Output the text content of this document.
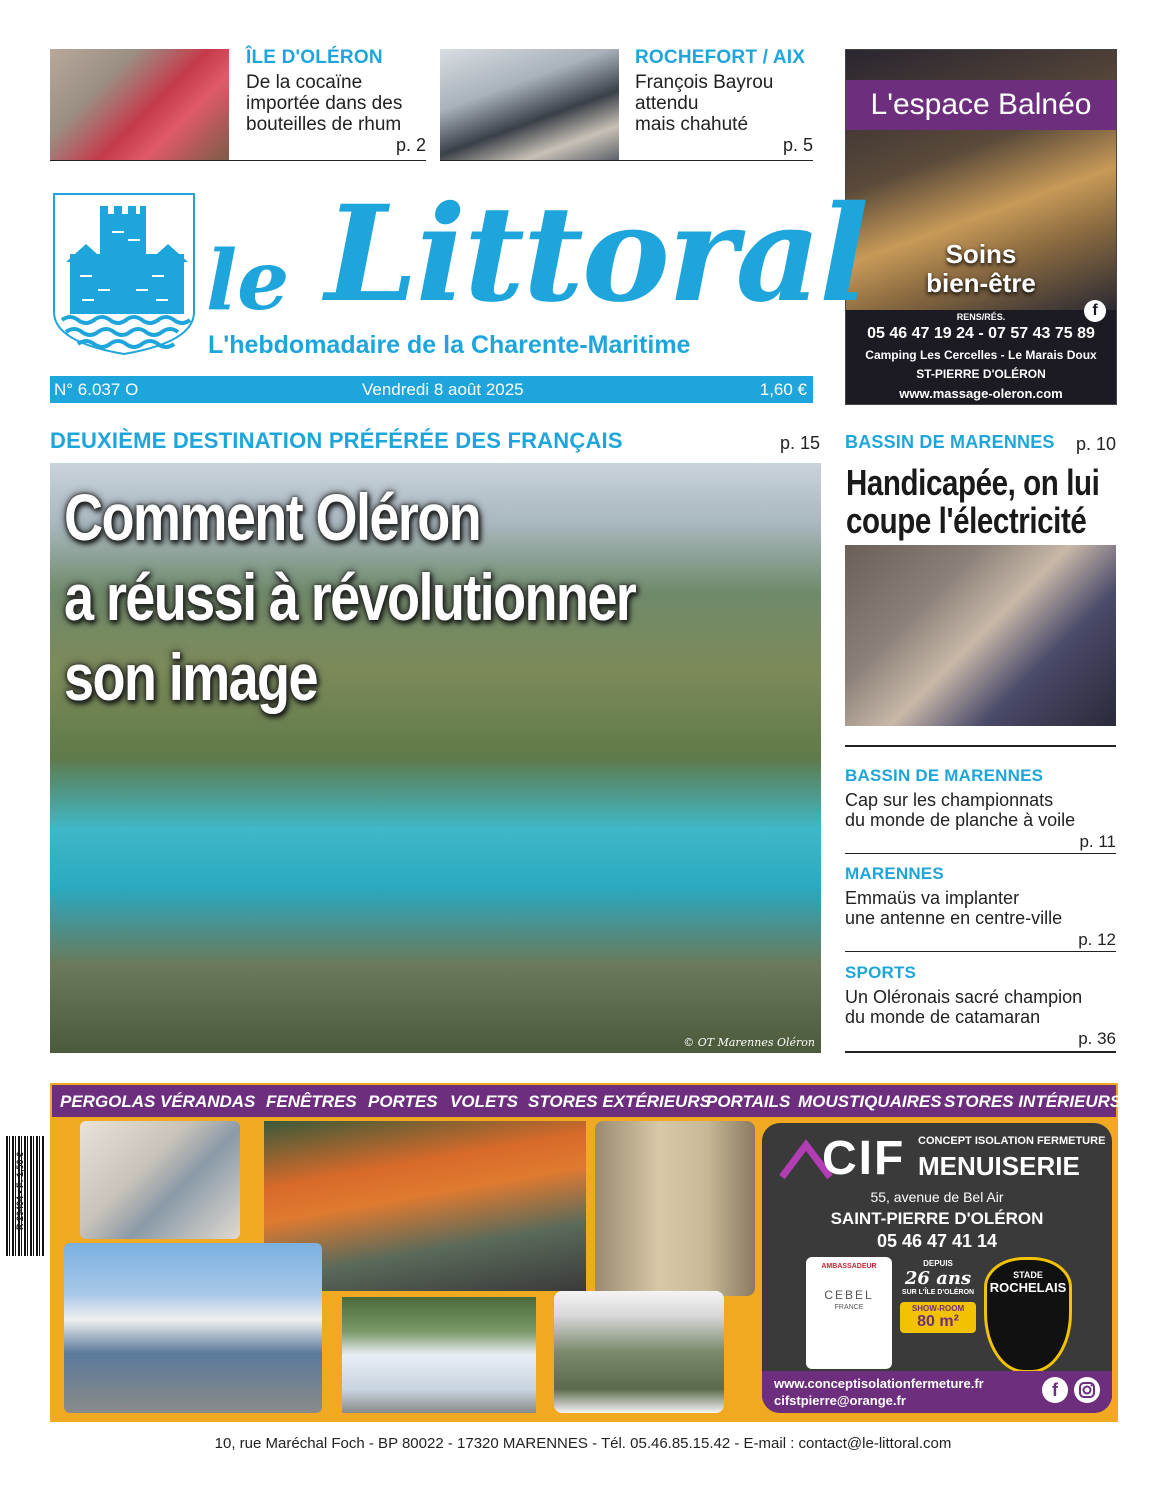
ÎLE D'OLÉRON
De la cocaïne
importée dans des
bouteilles de rhum
p. 2
ROCHEFORT / AIX
François Bayrou
attendu
mais chahuté
p. 5
L'espace Balnéo
Soins
bien-être
f
RENS/RÉS.
05 46 47 19 24 - 07 57 43 75 89
Camping Les Cercelles - Le Marais Doux
ST-PIERRE D'OLÉRON
www.massage-oleron.com
le Littoral
L'hebdomadaire de la Charente-Maritime
N° 6.037 O	Vendredi 8 août 2025	1,60 €
DEUXIÈME DESTINATION PRÉFÉRÉE DES FRANÇAIS	p. 15
Comment Oléron
a réussi à révolutionner
son image
© OT Marennes Oléron
BASSIN DE MARENNES	p. 10
Handicapée, on lui
coupe l'électricité
BASSIN DE MARENNES
Cap sur les championnats
du monde de planche à voile
p. 11
MARENNES
Emmaüs va implanter
une antenne en centre-ville
p. 12
SPORTS
Un Oléronais sacré champion
du monde de catamaran
p. 36
R 29404 - F: 1,50 €
PERGOLAS VÉRANDAS FENÊTRES PORTES VOLETS STORES EXTÉRIEURS
PORTAILS MOUSTIQUAIRES STORES INTÉRIEURS
CIF CONCEPT ISOLATION FERMETURE
MENUISERIE
55, avenue de Bel Air
SAINT-PIERRE D'OLÉRON
05 46 47 41 14
AMBASSADEUR
CEBEL
FRANCE
DEPUIS
26 ans
SUR L'ÎLE D'OLÉRON
SHOW-ROOM
80 m²
STADE
ROCHELAIS
www.conceptisolationfermeture.fr
cifstpierre@orange.fr
f
10, rue Maréchal Foch - BP 80022 - 17320 MARENNES - Tél. 05.46.85.15.42 - E-mail : contact@le-littoral.com
